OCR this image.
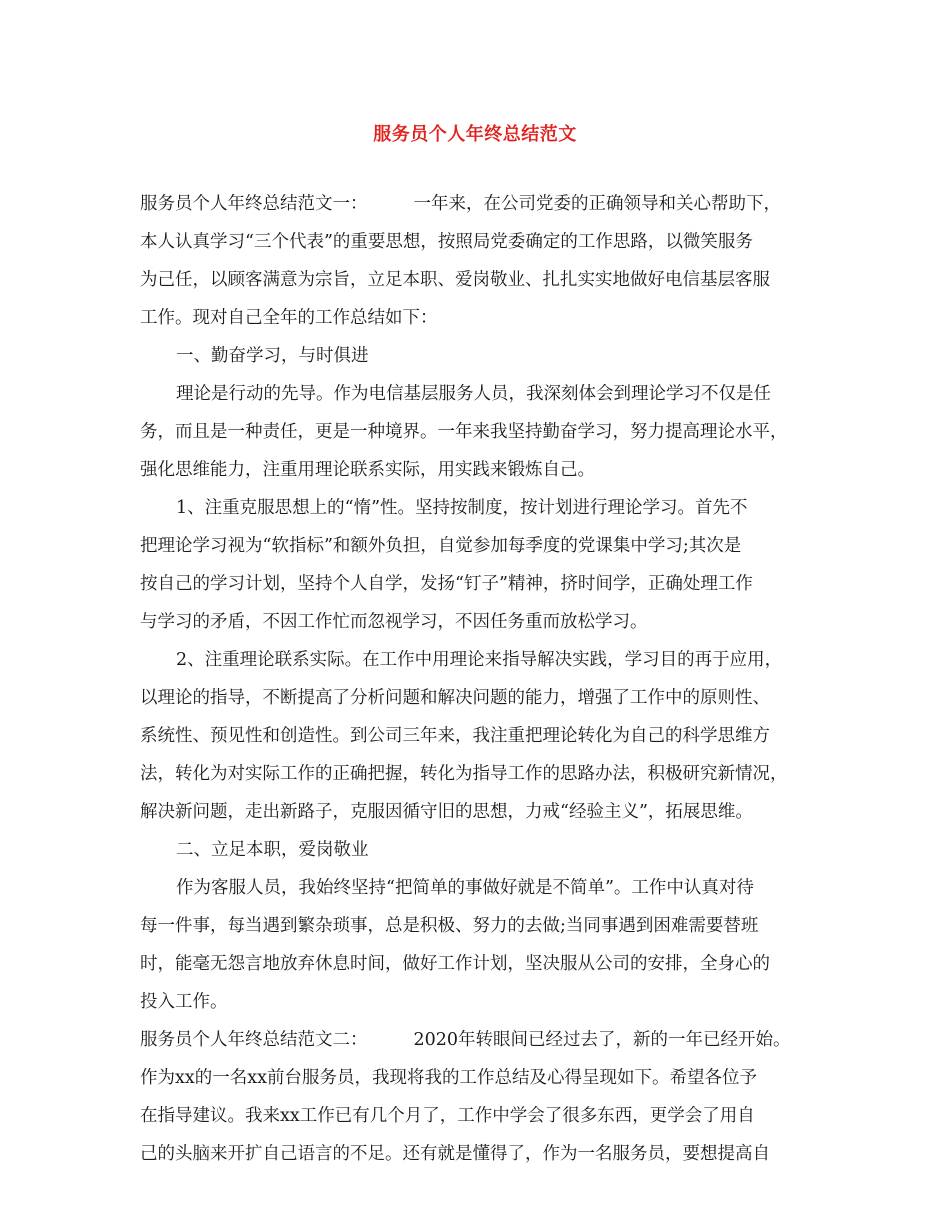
服务员个人年终总结范文
服务员个人年终总结范文一：	一年来，在公司党委的正确领导和关心帮助下，
本人认真学习“三个代表”的重要思想，按照局党委确定的工作思路，以微笑服务
为己任，以顾客满意为宗旨，立足本职、爱岗敬业、扎扎实实地做好电信基层客服
工作。现对自己全年的工作总结如下：
一、勤奋学习，与时俱进
理论是行动的先导。作为电信基层服务人员，我深刻体会到理论学习不仅是任
务，而且是一种责任，更是一种境界。一年来我坚持勤奋学习，努力提高理论水平，
强化思维能力，注重用理论联系实际，用实践来锻炼自己。
1、注重克服思想上的“惰”性。坚持按制度，按计划进行理论学习。首先不
把理论学习视为“软指标”和额外负担，自觉参加每季度的党课集中学习;其次是
按自己的学习计划，坚持个人自学，发扬“钉子”精神，挤时间学，正确处理工作
与学习的矛盾，不因工作忙而忽视学习，不因任务重而放松学习。
2、注重理论联系实际。在工作中用理论来指导解决实践，学习目的再于应用，
以理论的指导，不断提高了分析问题和解决问题的能力，增强了工作中的原则性、
系统性、预见性和创造性。到公司三年来，我注重把理论转化为自己的科学思维方
法，转化为对实际工作的正确把握，转化为指导工作的思路办法，积极研究新情况，
解决新问题，走出新路子，克服因循守旧的思想，力戒“经验主义”，拓展思维。
二、立足本职，爱岗敬业
作为客服人员，我始终坚持“把简单的事做好就是不简单”。工作中认真对待
每一件事，每当遇到繁杂琐事，总是积极、努力的去做;当同事遇到困难需要替班
时，能毫无怨言地放弃休息时间，做好工作计划，坚决服从公司的安排，全身心的
投入工作。
服务员个人年终总结范文二：	2020年转眼间已经过去了，新的一年已经开始。
作为xx的一名xx前台服务员，我现将我的工作总结及心得呈现如下。希望各位予
在指导建议。我来xx工作已有几个月了，工作中学会了很多东西，更学会了用自
己的头脑来开扩自己语言的不足。还有就是懂得了，作为一名服务员，要想提高自
